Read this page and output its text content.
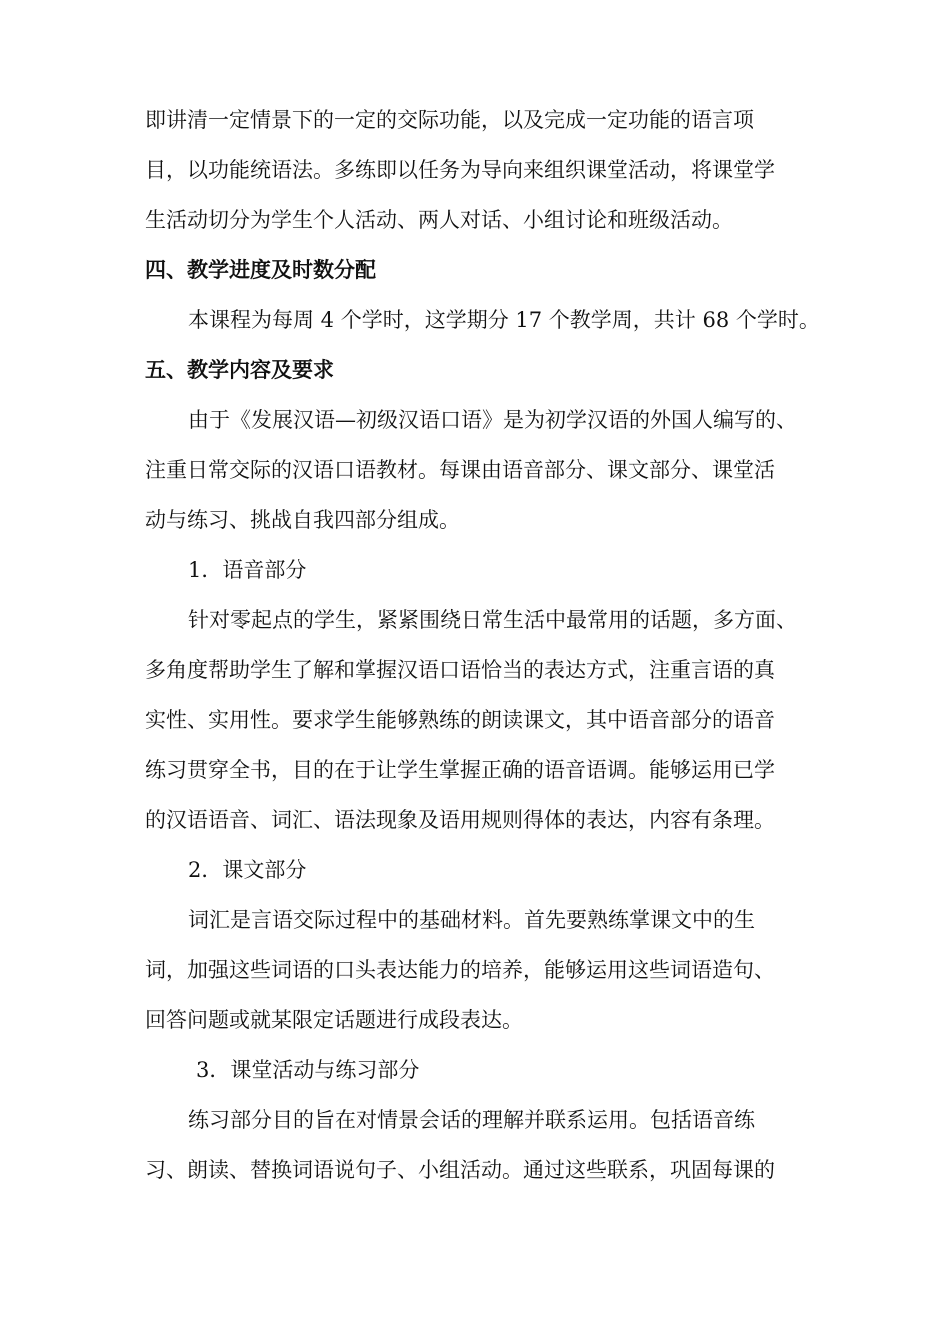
即讲清一定情景下的一定的交际功能，以及完成一定功能的语言项
目，以功能统语法。多练即以任务为导向来组织课堂活动，将课堂学
生活动切分为学生个人活动、两人对话、小组讨论和班级活动。
四、教学进度及时数分配
本课程为每周 4 个学时，这学期分 17 个教学周，共计 68 个学时。
五、教学内容及要求
由于《发展汉语—初级汉语口语》是为初学汉语的外国人编写的、
注重日常交际的汉语口语教材。每课由语音部分、课文部分、课堂活
动与练习、挑战自我四部分组成。
1．语音部分
针对零起点的学生，紧紧围绕日常生活中最常用的话题，多方面、
多角度帮助学生了解和掌握汉语口语恰当的表达方式，注重言语的真
实性、实用性。要求学生能够熟练的朗读课文，其中语音部分的语音
练习贯穿全书，目的在于让学生掌握正确的语音语调。能够运用已学
的汉语语音、词汇、语法现象及语用规则得体的表达，内容有条理。
2．课文部分
词汇是言语交际过程中的基础材料。首先要熟练掌课文中的生
词，加强这些词语的口头表达能力的培养，能够运用这些词语造句、
回答问题或就某限定话题进行成段表达。
3．课堂活动与练习部分
练习部分目的旨在对情景会话的理解并联系运用。包括语音练
习、朗读、替换词语说句子、小组活动。通过这些联系，巩固每课的
